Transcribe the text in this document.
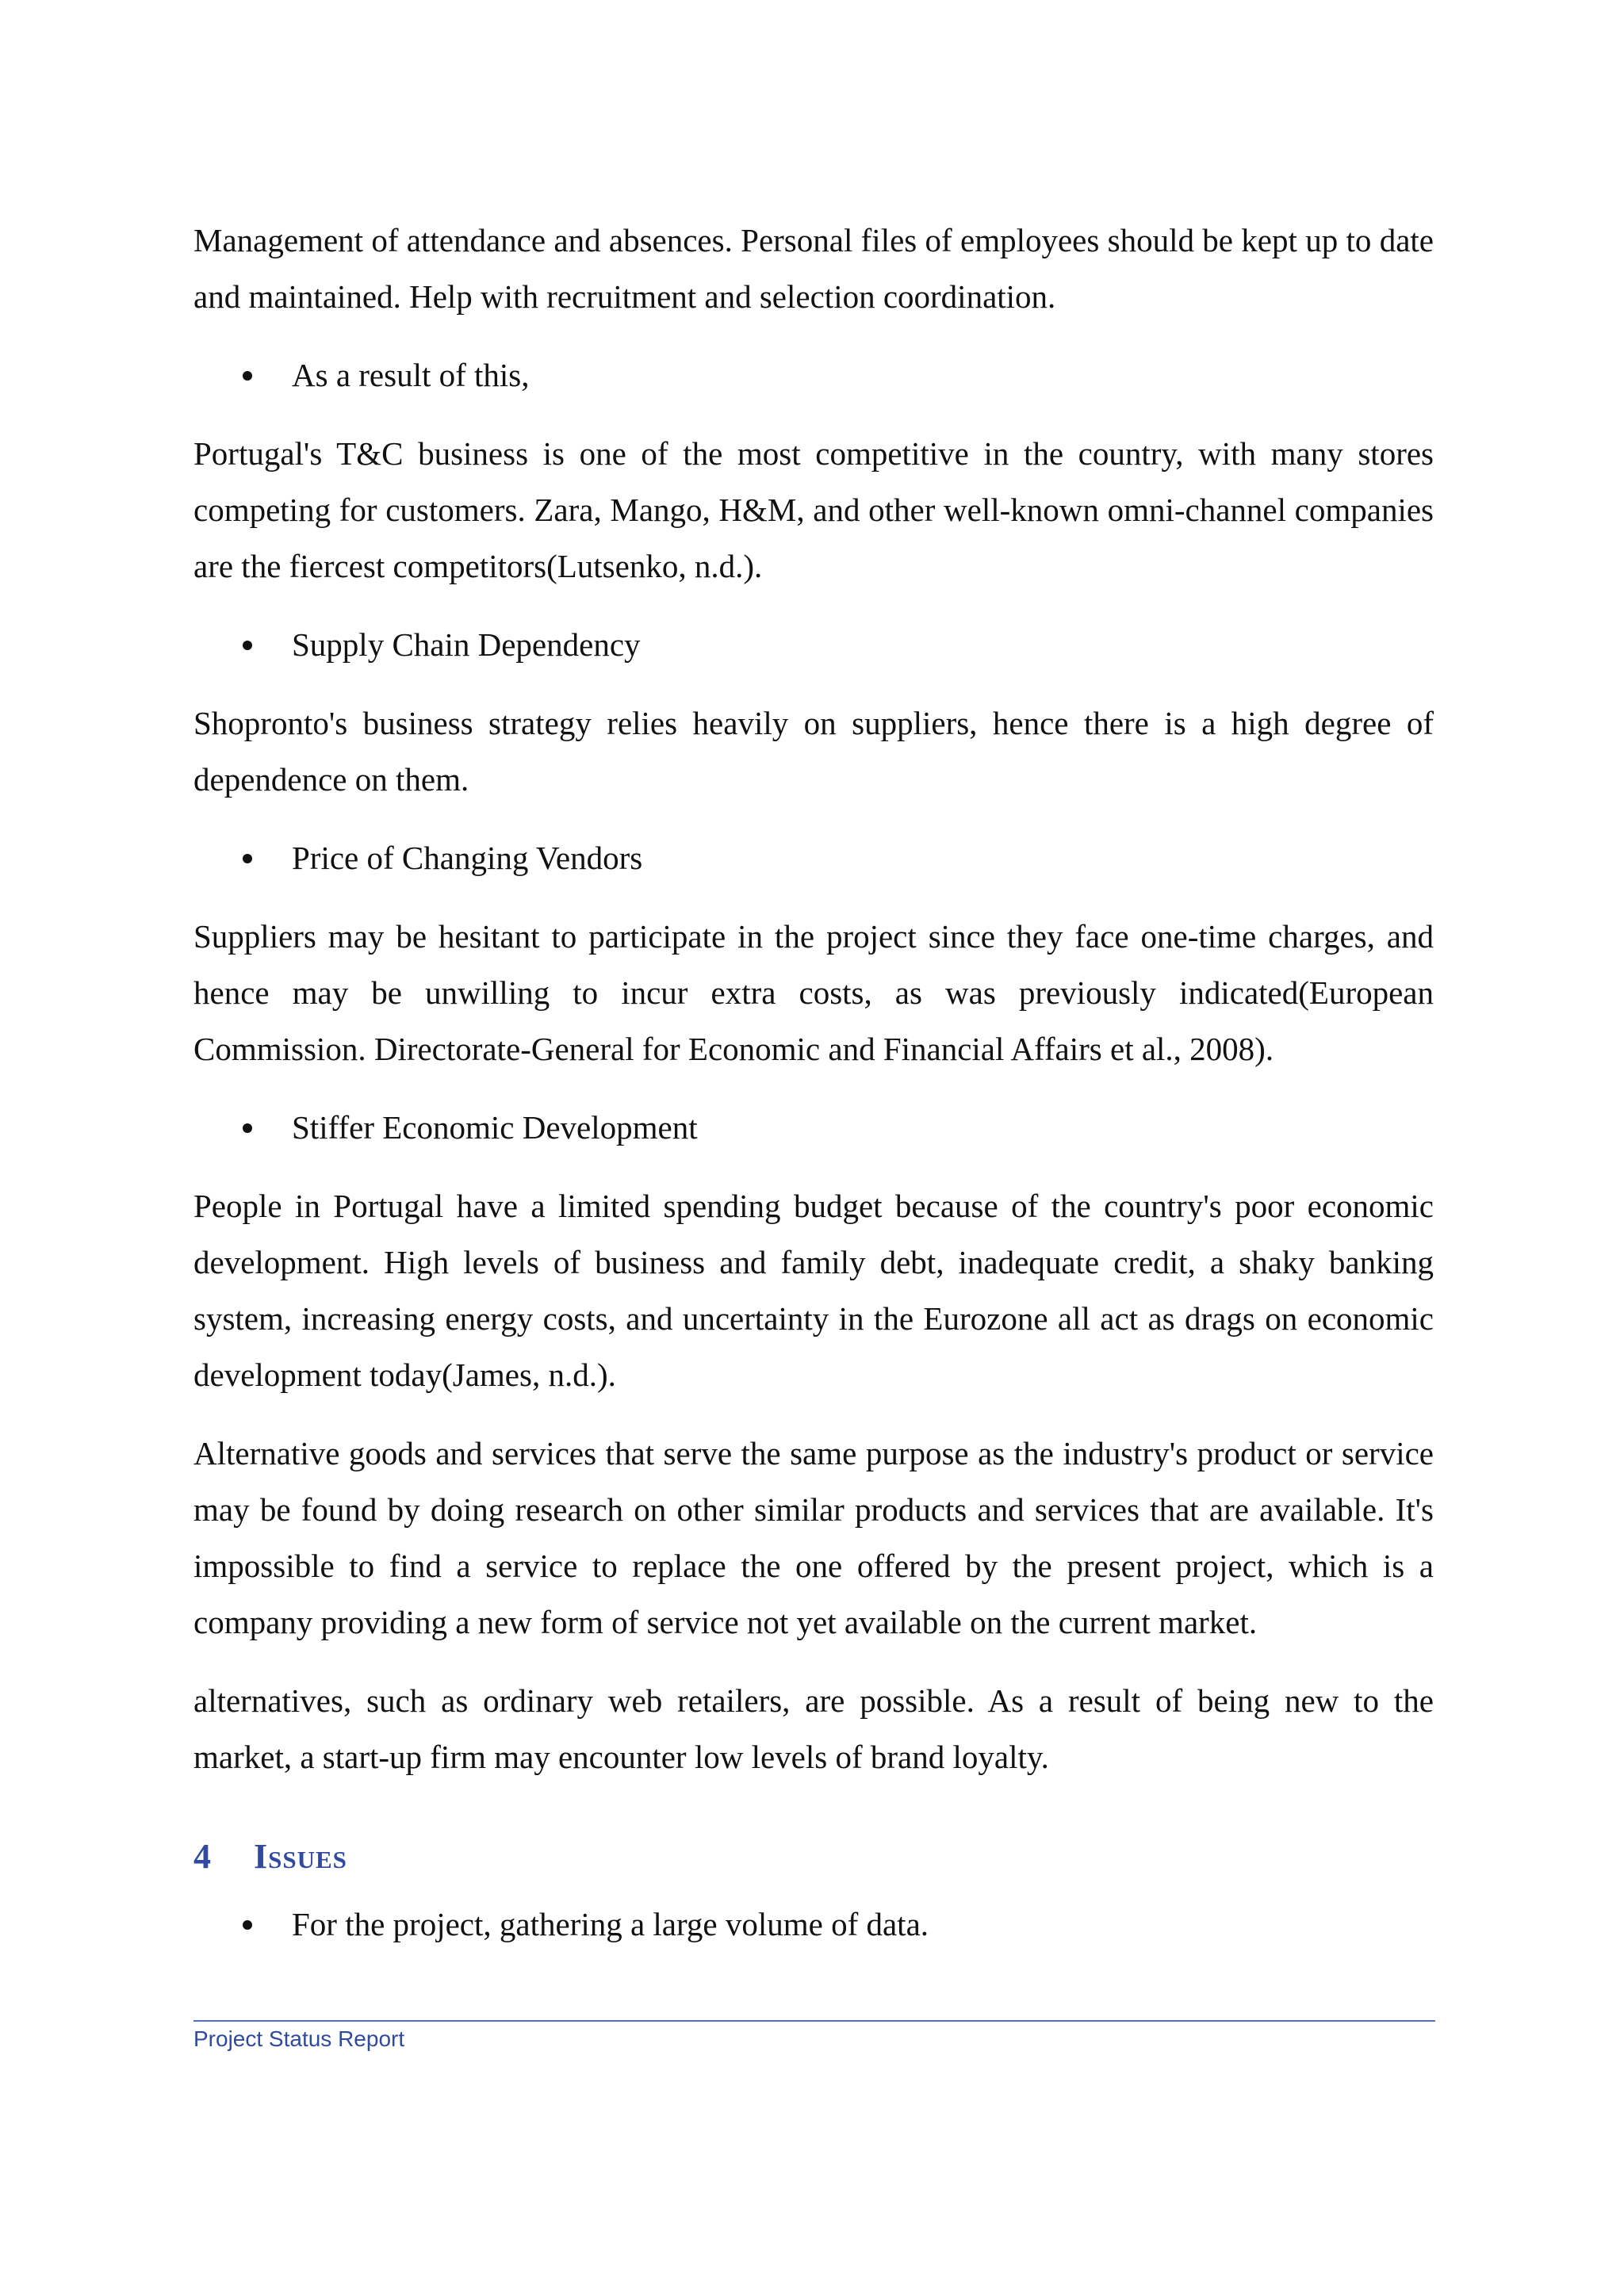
Management of attendance and absences. Personal files of employees should be kept up to date and maintained. Help with recruitment and selection coordination.

As a result of this,

Portugal's T&C business is one of the most competitive in the country, with many stores competing for customers. Zara, Mango, H&M, and other well-known omni-channel companies are the fiercest competitors(Lutsenko, n.d.).

Supply Chain Dependency

Shopronto's business strategy relies heavily on suppliers, hence there is a high degree of dependence on them.

Price of Changing Vendors

Suppliers may be hesitant to participate in the project since they face one-time charges, and hence may be unwilling to incur extra costs, as was previously indicated(European Commission. Directorate-General for Economic and Financial Affairs et al., 2008).

Stiffer Economic Development

People in Portugal have a limited spending budget because of the country's poor economic development. High levels of business and family debt, inadequate credit, a shaky banking system, increasing energy costs, and uncertainty in the Eurozone all act as drags on economic development today(James, n.d.).

Alternative goods and services that serve the same purpose as the industry's product or service may be found by doing research on other similar products and services that are available. It's impossible to find a service to replace the one offered by the present project, which is a company providing a new form of service not yet available on the current market.

alternatives, such as ordinary web retailers, are possible. As a result of being new to the market, a start-up firm may encounter low levels of brand loyalty.

4	Issues
For the project, gathering a large volume of data.
Project Status Report
